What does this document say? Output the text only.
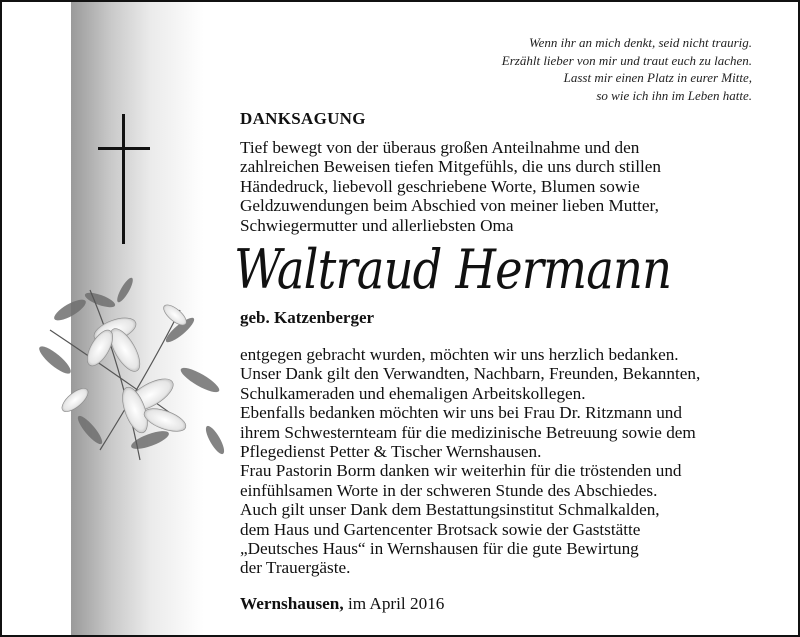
Wenn ihr an mich denkt, seid nicht traurig.
Erzählt lieber von mir und traut euch zu lachen.
Lasst mir einen Platz in eurer Mitte,
so wie ich ihn im Leben hatte.
DANKSAGUNG
Tief bewegt von der überaus großen Anteilnahme und den
zahlreichen Beweisen tiefen Mitgefühls, die uns durch stillen
Händedruck, liebevoll geschriebene Worte, Blumen sowie
Geldzuwendungen beim Abschied von meiner lieben Mutter,
Schwiegermutter und allerliebsten Oma
Waltraud Hermann
geb. Katzenberger
entgegen gebracht wurden, möchten wir uns herzlich bedanken.
Unser Dank gilt den Verwandten, Nachbarn, Freunden, Bekannten,
Schulkameraden und ehemaligen Arbeitskollegen.
Ebenfalls bedanken möchten wir uns bei Frau Dr. Ritzmann und
ihrem Schwesternteam für die medizinische Betreuung sowie dem
Pflegedienst Petter & Tischer Wernshausen.
Frau Pastorin Borm danken wir weiterhin für die tröstenden und
einfühlsamen Worte in der schweren Stunde des Abschiedes.
Auch gilt unser Dank dem Bestattungsinstitut Schmalkalden,
dem Haus und Gartencenter Brotsack sowie der Gaststätte
„Deutsches Haus“ in Wernshausen für die gute Bewirtung
der Trauergäste.
Wernshausen, im April 2016
